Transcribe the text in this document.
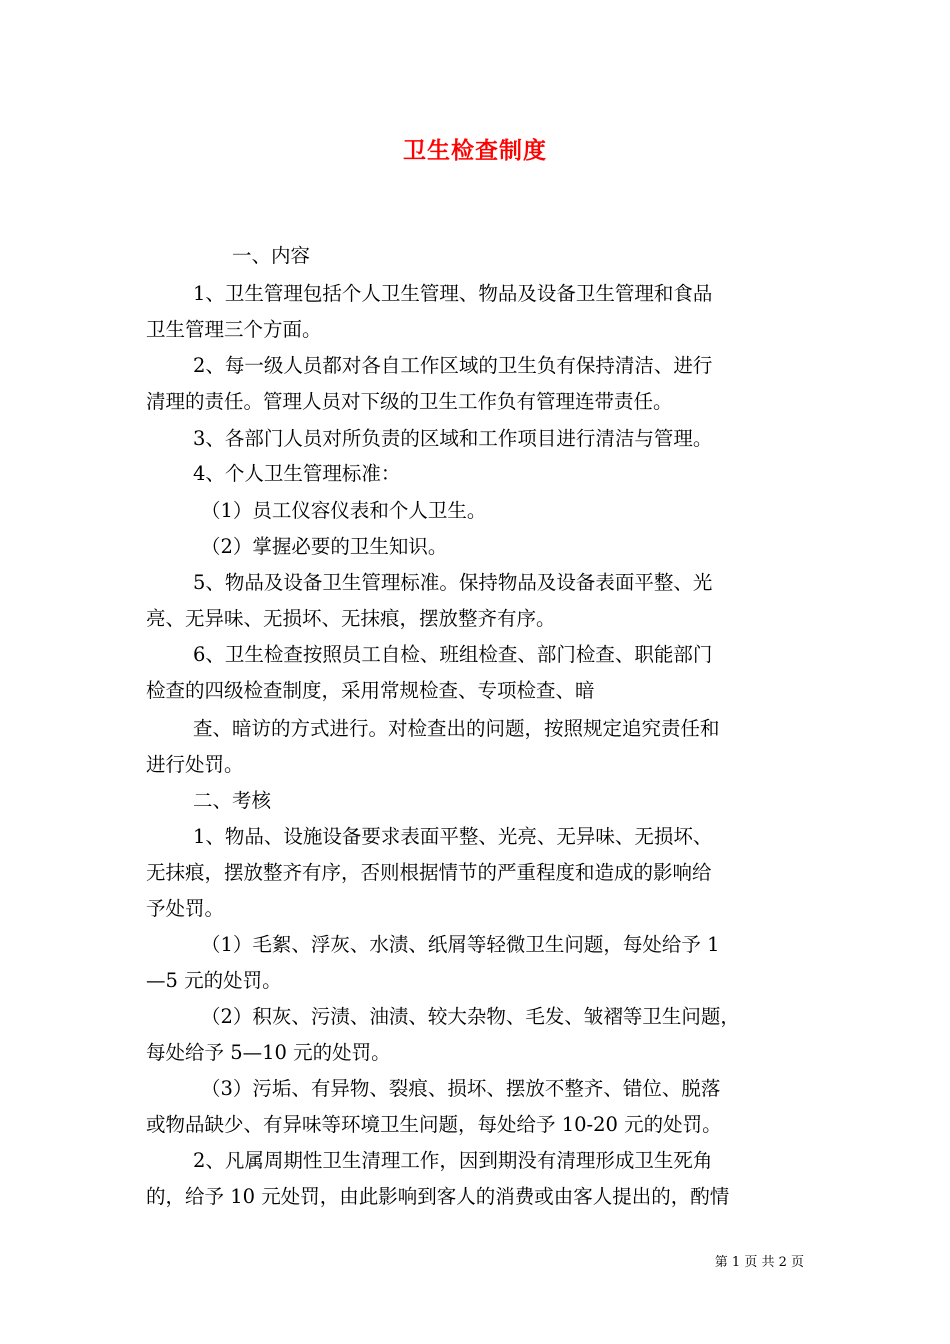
卫生检查制度
一、内容
1、卫生管理包括个人卫生管理、物品及设备卫生管理和食品
卫生管理三个方面。
2、每一级人员都对各自工作区域的卫生负有保持清洁、进行
清理的责任。管理人员对下级的卫生工作负有管理连带责任。
3、各部门人员对所负责的区域和工作项目进行清洁与管理。
4、个人卫生管理标准：
（1）员工仪容仪表和个人卫生。
（2）掌握必要的卫生知识。
5、物品及设备卫生管理标准。保持物品及设备表面平整、光
亮、无异味、无损坏、无抹痕，摆放整齐有序。
6、卫生检查按照员工自检、班组检查、部门检查、职能部门
检查的四级检查制度，采用常规检查、专项检查、暗
查、暗访的方式进行。对检查出的问题，按照规定追究责任和
进行处罚。
二、考核
1、物品、设施设备要求表面平整、光亮、无异味、无损坏、
无抹痕，摆放整齐有序，否则根据情节的严重程度和造成的影响给
予处罚。
（1）毛絮、浮灰、水渍、纸屑等轻微卫生问题，每处给予 1
—5 元的处罚。
（2）积灰、污渍、油渍、较大杂物、毛发、皱褶等卫生问题，
每处给予 5—10 元的处罚。
（3）污垢、有异物、裂痕、损坏、摆放不整齐、错位、脱落
或物品缺少、有异味等环境卫生问题，每处给予 10-20 元的处罚。
2、凡属周期性卫生清理工作，因到期没有清理形成卫生死角
的，给予 10 元处罚，由此影响到客人的消费或由客人提出的，酌情
第 1 页 共 2 页
